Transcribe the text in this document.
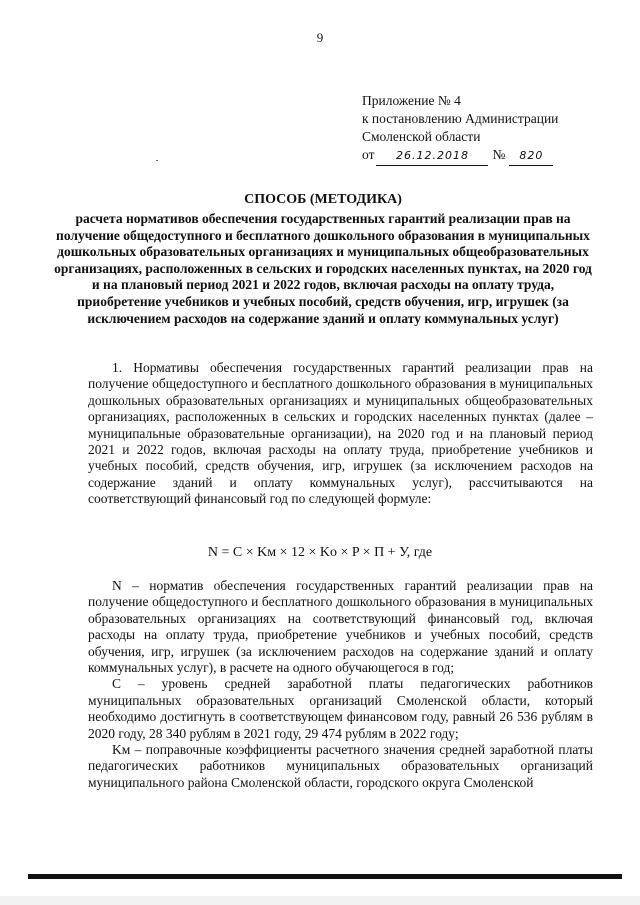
9
Приложение № 4
к постановлению Администрации
Смоленской области
от 26.12.2018 № 820
СПОСОБ (МЕТОДИКА)
расчета нормативов обеспечения государственных гарантий реализации прав на получение общедоступного и бесплатного дошкольного образования в муниципальных дошкольных образовательных организациях и муниципальных общеобразовательных организациях, расположенных в сельских и городских населенных пунктах, на 2020 год и на плановый период 2021 и 2022 годов, включая расходы на оплату труда, приобретение учебников и учебных пособий, средств обучения, игр, игрушек (за исключением расходов на содержание зданий и оплату коммунальных услуг)

1. Нормативы обеспечения государственных гарантий реализации прав на получение общедоступного и бесплатного дошкольного образования в муниципальных дошкольных образовательных организациях и муниципальных общеобразовательных организациях, расположенных в сельских и городских населенных пунктах (далее – муниципальные образовательные организации), на 2020 год и на плановый период 2021 и 2022 годов, включая расходы на оплату труда, приобретение учебников и учебных пособий, средств обучения, игр, игрушек (за исключением расходов на содержание зданий и оплату коммунальных услуг), рассчитываются на соответствующий финансовый год по следующей формуле:

N = C × Kм × 12 × Kо × P × П + У, где

N – норматив обеспечения государственных гарантий реализации прав на получение общедоступного и бесплатного дошкольного образования в муниципальных образовательных организациях на соответствующий финансовый год, включая расходы на оплату труда, приобретение учебников и учебных пособий, средств обучения, игр, игрушек (за исключением расходов на содержание зданий и оплату коммунальных услуг), в расчете на одного обучающегося в год;

С – уровень средней заработной платы педагогических работников муниципальных образовательных организаций Смоленской области, который необходимо достигнуть в соответствующем финансовом году, равный 26 536 рублям в 2020 году, 28 340 рублям в 2021 году, 29 474 рублям в 2022 году;

Kм – поправочные коэффициенты расчетного значения средней заработной платы педагогических работников муниципальных образовательных организаций муниципального района Смоленской области, городского округа Смоленской
